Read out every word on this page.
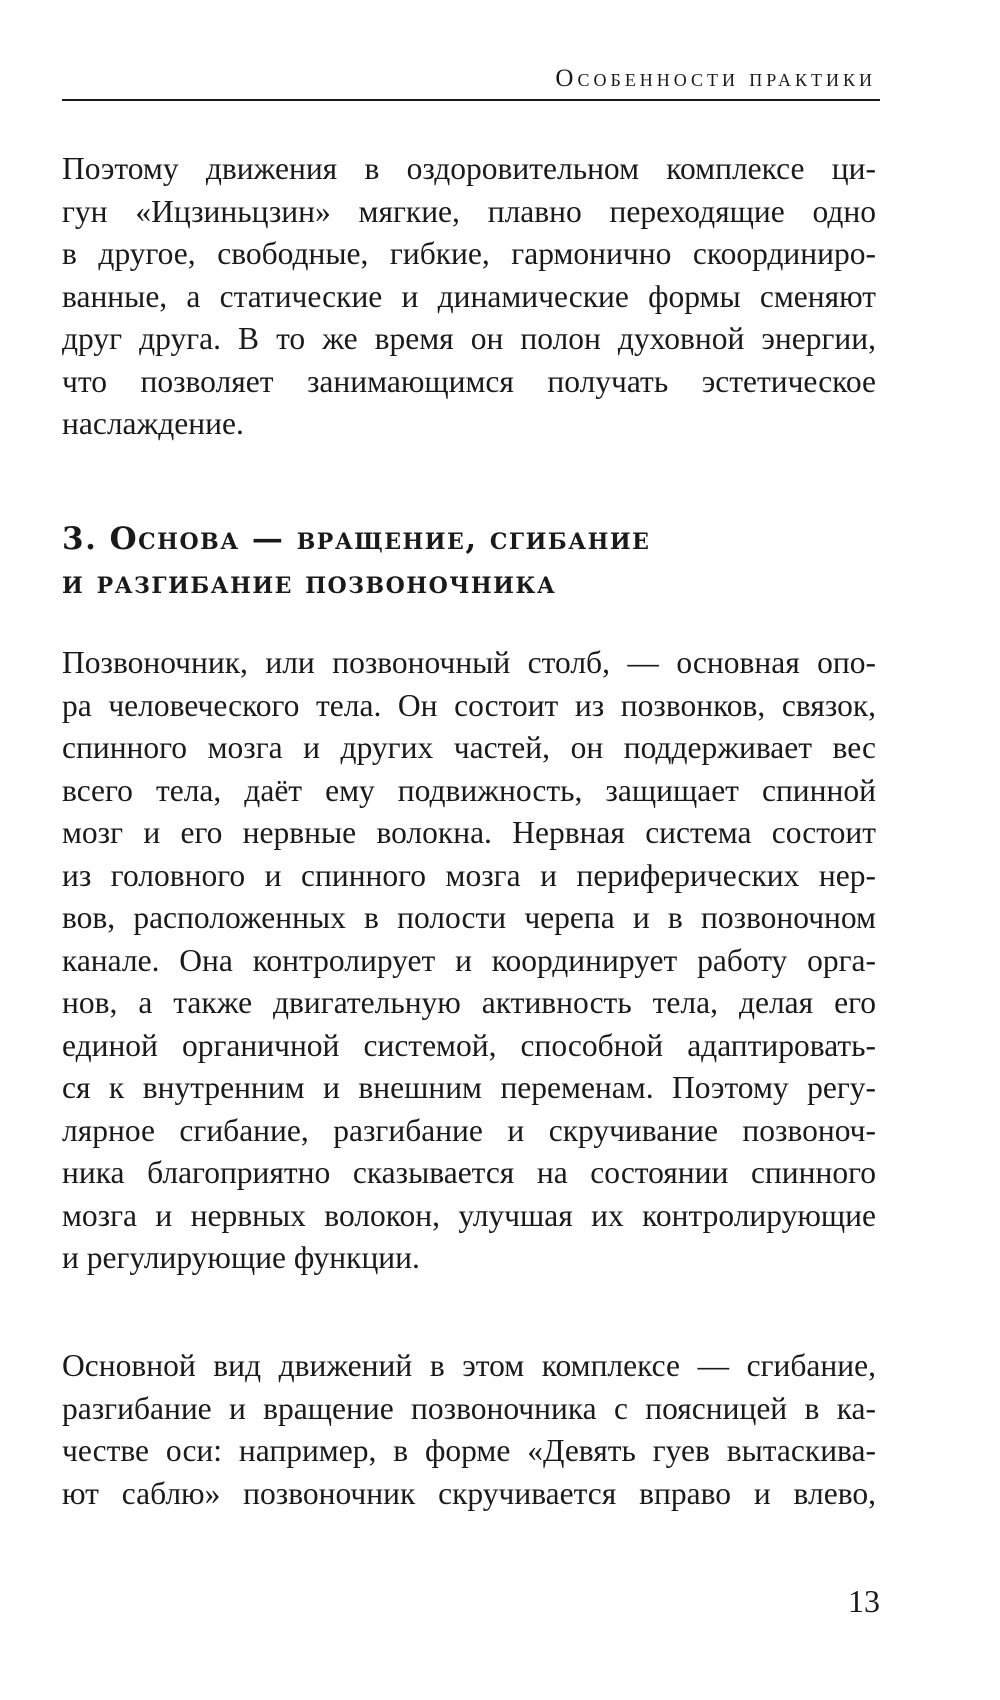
Особенности практики
Поэтому движения в оздоровительном комплексе ци-
гун «Ицзиньцзин» мягкие, плавно переходящие одно
в другое, свободные, гибкие, гармонично скоординиро-
ванные, а статические и динамические формы сменяют
друг друга. В то же время он полон духовной энергии,
что позволяет занимающимся получать эстетическое
наслаждение.
3. Основа — вращение, сгибание
и разгибание позвоночника
Позвоночник, или позвоночный столб, — основная опо-
ра человеческого тела. Он состоит из позвонков, связок,
спинного мозга и других частей, он поддерживает вес
всего тела, даёт ему подвижность, защищает спинной
мозг и его нервные волокна. Нервная система состоит
из головного и спинного мозга и периферических нер-
вов, расположенных в полости черепа и в позвоночном
канале. Она контролирует и координирует работу орга-
нов, а также двигательную активность тела, делая его
единой органичной системой, способной адаптировать-
ся к внутренним и внешним переменам. Поэтому регу-
лярное сгибание, разгибание и скручивание позвоноч-
ника благоприятно сказывается на состоянии спинного
мозга и нервных волокон, улучшая их контролирующие
и регулирующие функции.
Основной вид движений в этом комплексе — сгибание,
разгибание и вращение позвоночника с поясницей в ка-
честве оси: например, в форме «Девять гуев вытаскива-
ют саблю» позвоночник скручивается вправо и влево,
13
